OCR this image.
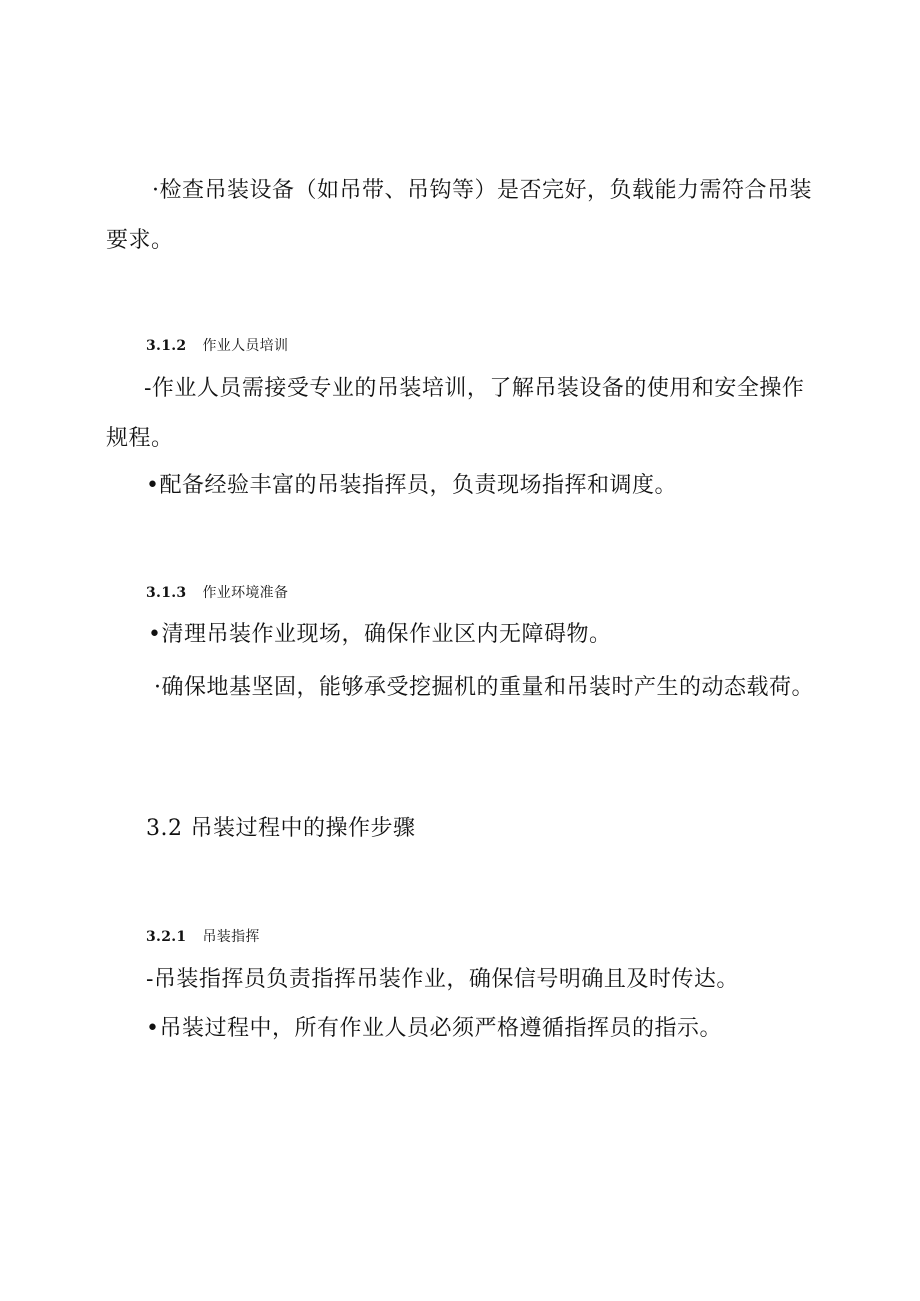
·检查吊装设备（如吊带、吊钩等）是否完好，负载能力需符合吊装要求。

3.1.2 作业人员培训

-作业人员需接受专业的吊装培训，了解吊装设备的使用和安全操作规程。

•配备经验丰富的吊装指挥员，负责现场指挥和调度。

3.1.3 作业环境准备

•清理吊装作业现场，确保作业区内无障碍物。

·确保地基坚固，能够承受挖掘机的重量和吊装时产生的动态载荷。

3.2 吊装过程中的操作步骤
3.2.1 吊装指挥

-吊装指挥员负责指挥吊装作业，确保信号明确且及时传达。

•吊装过程中，所有作业人员必须严格遵循指挥员的指示。
